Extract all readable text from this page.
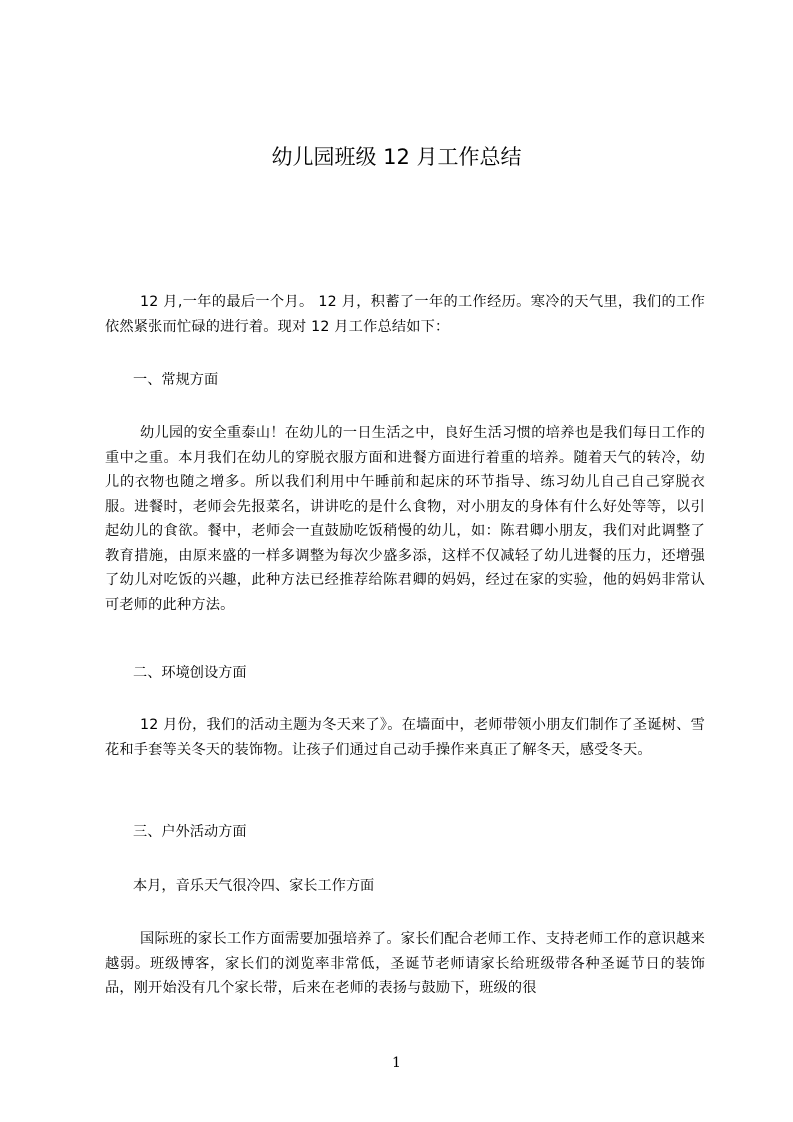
幼儿园班级 12 月工作总结
12 月,一年的最后一个月。 12 月，积蓄了一年的工作经历。寒冷的天气里，我们的工作依然紧张而忙碌的进行着。现对 12 月工作总结如下：
一、常规方面
幼儿园的安全重泰山！在幼儿的一日生活之中，良好生活习惯的培养也是我们每日工作的重中之重。本月我们在幼儿的穿脱衣服方面和进餐方面进行着重的培养。随着天气的转冷，幼儿的衣物也随之增多。所以我们利用中午睡前和起床的环节指导、练习幼儿自己自己穿脱衣服。进餐时，老师会先报菜名，讲讲吃的是什么食物，对小朋友的身体有什么好处等等，以引起幼儿的食欲。餐中，老师会一直鼓励吃饭稍慢的幼儿，如：陈君卿小朋友，我们对此调整了教育措施，由原来盛的一样多调整为每次少盛多添，这样不仅减轻了幼儿进餐的压力，还增强了幼儿对吃饭的兴趣，此种方法已经推荐给陈君卿的妈妈，经过在家的实验，他的妈妈非常认可老师的此种方法。
二、环境创设方面
12 月份，我们的活动主题为冬天来了》。在墙面中，老师带领小朋友们制作了圣诞树、雪花和手套等关冬天的装饰物。让孩子们通过自己动手操作来真正了解冬天，感受冬天。
三、户外活动方面
本月，音乐天气很冷四、家长工作方面
国际班的家长工作方面需要加强培养了。家长们配合老师工作、支持老师工作的意识越来越弱。班级博客，家长们的浏览率非常低，圣诞节老师请家长给班级带各种圣诞节日的装饰品，刚开始没有几个家长带，后来在老师的表扬与鼓励下，班级的很
1
